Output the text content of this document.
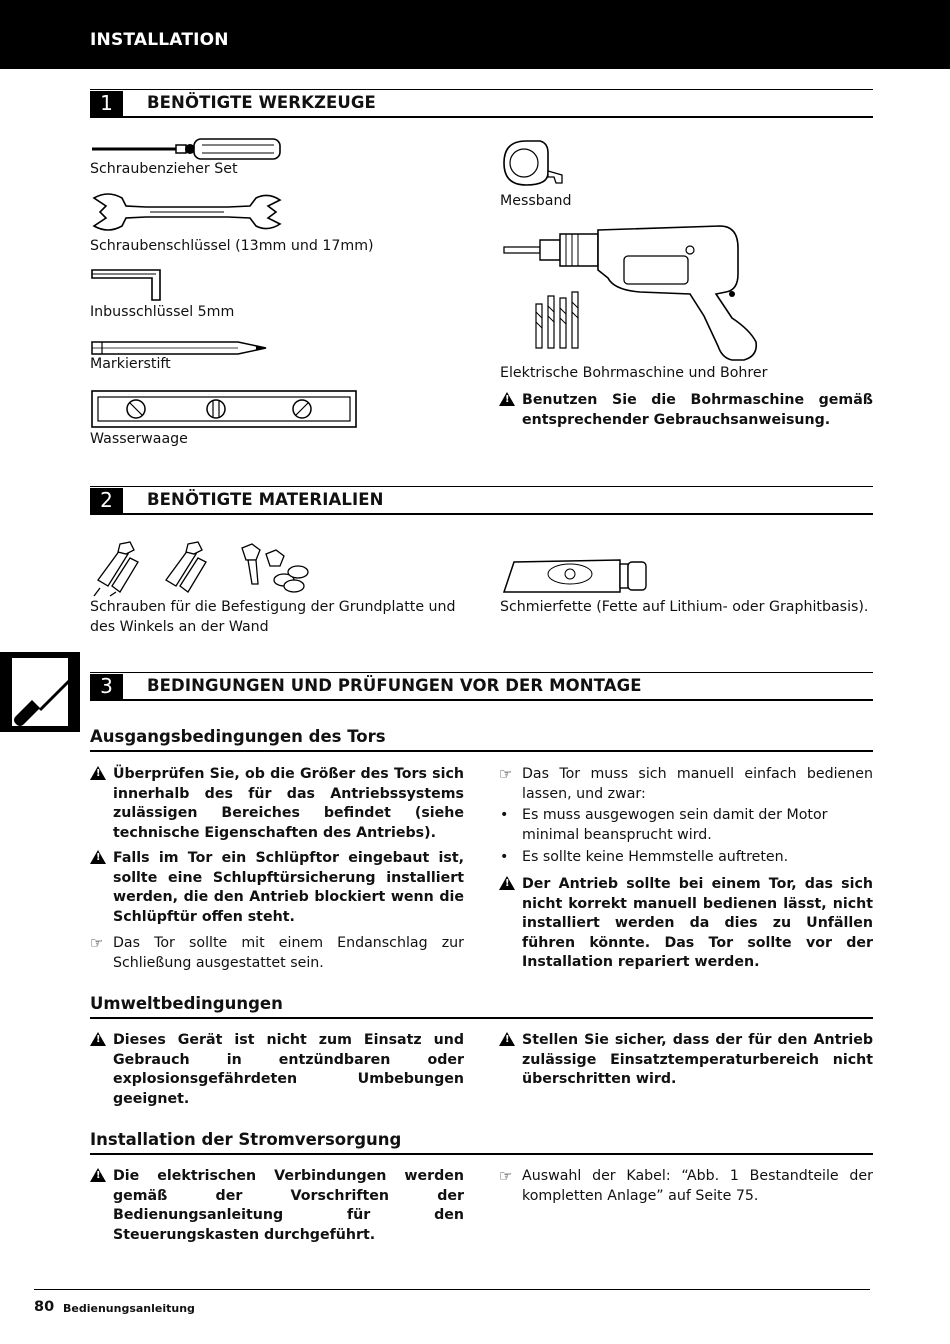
INSTALLATION
1	BENÖTIGTE WERKZEUGE
Schraubenzieher Set
Schraubenschlüssel (13mm und 17mm)
Inbusschlüssel 5mm
Markierstift
Wasserwaage
Messband
Elektrische Bohrmaschine und Bohrer
!
Benutzen Sie die Bohrmaschine gemäß entsprechender Gebrauchsanweisung.
2	BENÖTIGTE MATERIALIEN
Schrauben für die Befestigung der Grundplatte und des Winkels an der Wand
Schmierfette (Fette auf Lithium- oder Graphitbasis).
3	BEDINGUNGEN UND PRÜFUNGEN VOR DER MONTAGE
Ausgangsbedingungen des Tors
!
Überprüfen Sie, ob die Größer des Tors sich innerhalb des für das Antriebssystems zulässigen Bereiches befindet (siehe technische Eigenschaften des Antriebs).
!
Falls im Tor ein Schlüpftor eingebaut ist, sollte eine Schlupftürsicherung installiert werden, die den Antrieb blockiert wenn die Schlüpftür offen steht.
☞ Das Tor sollte mit einem Endanschlag zur Schließung ausgestattet sein.
☞ Das Tor muss sich manuell einfach bedienen lassen, und zwar:
• Es muss ausgewogen sein damit der Motor minimal beansprucht wird.
• Es sollte keine Hemmstelle auftreten.
!
Der Antrieb sollte bei einem Tor, das sich nicht korrekt manuell bedienen lässt, nicht installiert werden da dies zu Unfällen führen könnte. Das Tor sollte vor der Installation repariert werden.
Umweltbedingungen
!
Dieses Gerät ist nicht zum Einsatz und Gebrauch in entzündbaren oder explosionsgefährdeten Umbebungen geeignet.
!
Stellen Sie sicher, dass der für den Antrieb zulässige Einsatztemperaturbereich nicht überschritten wird.
Installation der Stromversorgung
!
Die elektrischen Verbindungen werden gemäß der Vorschriften der Bedienungsanleitung für den Steuerungskasten durchgeführt.
☞ Auswahl der Kabel: “Abb. 1 Bestandteile der kompletten Anlage” auf Seite 75.
80 Bedienungsanleitung
